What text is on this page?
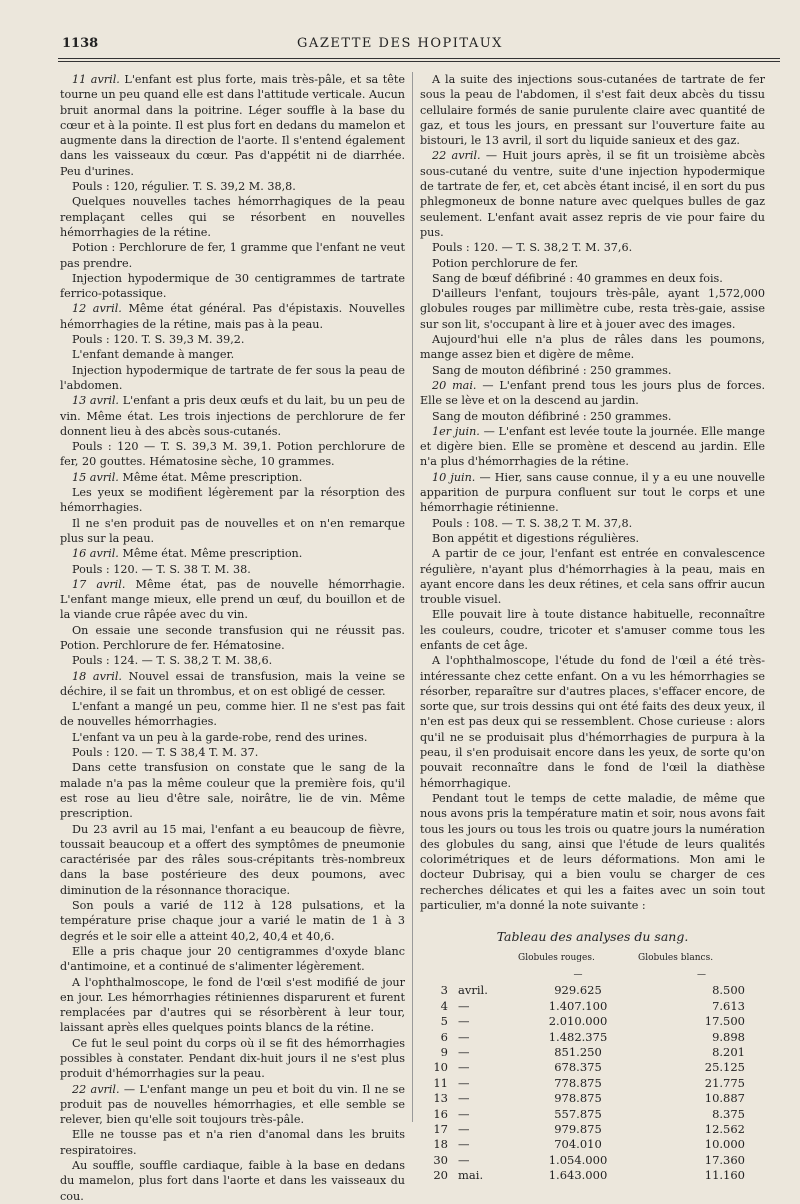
1138	GAZETTE DES HOPITAUX

11 avril. L'enfant est plus forte, mais très-pâle, et sa tête tourne un peu quand elle est dans l'attitude verticale. Aucun bruit anormal dans la poitrine. Léger souffle à la base du cœur et à la pointe. Il est plus fort en dedans du mamelon et augmente dans la direction de l'aorte. Il s'entend également dans les vaisseaux du cœur. Pas d'appétit ni de diarrhée. Peu d'urines.

Pouls : 120, régulier. T. S. 39,2 M. 38,8.

Quelques nouvelles taches hémorrhagiques de la peau remplaçant celles qui se résorbent en nouvelles hémorrhagies de la rétine.

Potion : Perchlorure de fer, 1 gramme que l'enfant ne veut pas prendre.

Injection hypodermique de 30 centigrammes de tartrate ferrico-potassique.

12 avril. Même état général. Pas d'épistaxis. Nouvelles hémorrhagies de la rétine, mais pas à la peau.

Pouls : 120. T. S. 39,3 M. 39,2.

L'enfant demande à manger.

Injection hypodermique de tartrate de fer sous la peau de l'abdomen.

13 avril. L'enfant a pris deux œufs et du lait, bu un peu de vin. Même état. Les trois injections de perchlorure de fer donnent lieu à des abcès sous-cutanés.

Pouls : 120 — T. S. 39,3 M. 39,1. Potion perchlorure de fer, 20 gouttes. Hématosine sèche, 10 grammes.

15 avril. Même état. Même prescription.

Les yeux se modifient légèrement par la résorption des hémorrhagies.

Il ne s'en produit pas de nouvelles et on n'en remarque plus sur la peau.

16 avril. Même état. Même prescription.

Pouls : 120. — T. S. 38 T. M. 38.

17 avril. Même état, pas de nouvelle hémorrhagie. L'enfant mange mieux, elle prend un œuf, du bouillon et de la viande crue râpée avec du vin.

On essaie une seconde transfusion qui ne réussit pas. Potion. Perchlorure de fer. Hématosine.

Pouls : 124. — T. S. 38,2 T. M. 38,6.

18 avril. Nouvel essai de transfusion, mais la veine se déchire, il se fait un thrombus, et on est obligé de cesser.

L'enfant a mangé un peu, comme hier. Il ne s'est pas fait de nouvelles hémorrhagies.

L'enfant va un peu à la garde-robe, rend des urines.

Pouls : 120. — T. S 38,4 T. M. 37.

Dans cette transfusion on constate que le sang de la malade n'a pas la même couleur que la première fois, qu'il est rose au lieu d'être sale, noirâtre, lie de vin. Même prescription.

Du 23 avril au 15 mai, l'enfant a eu beaucoup de fièvre, toussait beaucoup et a offert des symptômes de pneumonie caractérisée par des râles sous-crépitants très-nombreux dans la base postérieure des deux poumons, avec diminution de la résonnance thoracique.

Son pouls a varié de 112 à 128 pulsations, et la température prise chaque jour a varié le matin de 1 à 3 degrés et le soir elle a atteint 40,2, 40,4 et 40,6.

Elle a pris chaque jour 20 centigrammes d'oxyde blanc d'antimoine, et a continué de s'alimenter légèrement.

A l'ophthalmoscope, le fond de l'œil s'est modifié de jour en jour. Les hémorrhagies rétiniennes disparurent et furent remplacées par d'autres qui se résorbèrent à leur tour, laissant après elles quelques points blancs de la rétine.

Ce fut le seul point du corps où il se fit des hémorrhagies possibles à constater. Pendant dix-huit jours il ne s'est plus produit d'hémorrhagies sur la peau.

22 avril. — L'enfant mange un peu et boit du vin. Il ne se produit pas de nouvelles hémorrhagies, et elle semble se relever, bien qu'elle soit toujours très-pâle.

Elle ne tousse pas et n'a rien d'anomal dans les bruits respiratoires.

Au souffle, souffle cardiaque, faible à la base en dedans du mamelon, plus fort dans l'aorte et dans les vaisseaux du cou.

A la suite des injections sous-cutanées de tartrate de fer sous la peau de l'abdomen, il s'est fait deux abcès du tissu cellulaire formés de sanie purulente claire avec quantité de gaz, et tous les jours, en pressant sur l'ouverture faite au bistouri, le 13 avril, il sort du liquide sanieux et des gaz.

22 avril. — Huit jours après, il se fit un troisième abcès sous-cutané du ventre, suite d'une injection hypodermique de tartrate de fer, et, cet abcès étant incisé, il en sort du pus phlegmoneux de bonne nature avec quelques bulles de gaz seulement. L'enfant avait assez repris de vie pour faire du pus.

Pouls : 120. — T. S. 38,2 T. M. 37,6.

Potion perchlorure de fer.

Sang de bœuf défibriné : 40 grammes en deux fois.

D'ailleurs l'enfant, toujours très-pâle, ayant 1,572,000 globules rouges par millimètre cube, resta très-gaie, assise sur son lit, s'occupant à lire et à jouer avec des images.

Aujourd'hui elle n'a plus de râles dans les poumons, mange assez bien et digère de même.

Sang de mouton défibriné : 250 grammes.

20 mai. — L'enfant prend tous les jours plus de forces. Elle se lève et on la descend au jardin.

Sang de mouton défibriné : 250 grammes.

1er juin. — L'enfant est levée toute la journée. Elle mange et digère bien. Elle se promène et descend au jardin. Elle n'a plus d'hémorrhagies de la rétine.

10 juin. — Hier, sans cause connue, il y a eu une nouvelle apparition de purpura confluent sur tout le corps et une hémorrhagie rétinienne.

Pouls : 108. — T. S. 38,2 T. M. 37,8.

Bon appétit et digestions régulières.

A partir de ce jour, l'enfant est entrée en convalescence régulière, n'ayant plus d'hémorrhagies à la peau, mais en ayant encore dans les deux rétines, et cela sans offrir aucun trouble visuel.

Elle pouvait lire à toute distance habituelle, reconnaître les couleurs, coudre, tricoter et s'amuser comme tous les enfants de cet âge.

A l'ophthalmoscope, l'étude du fond de l'œil a été très-intéressante chez cette enfant. On a vu les hémorrhagies se résorber, reparaître sur d'autres places, s'effacer encore, de sorte que, sur trois dessins qui ont été faits des deux yeux, il n'en est pas deux qui se ressemblent. Chose curieuse : alors qu'il ne se produisait plus d'hémorrhagies de purpura à la peau, il s'en produisait encore dans les yeux, de sorte qu'on pouvait reconnaître dans le fond de l'œil la diathèse hémorrhagique.

Pendant tout le temps de cette maladie, de même que nous avons pris la température matin et soir, nous avons fait tous les jours ou tous les trois ou quatre jours la numération des globules du sang, ainsi que l'étude de leurs qualités colorimétriques et de leurs déformations. Mon ami le docteur Dubrisay, qui a bien voulu se charger de ces recherches délicates et qui les a faites avec un soin tout particulier, m'a donné la note suivante :

Tableau des analyses du sang.
		Globules rouges.	Globules blancs.
		—	—
3	avril.	929.625	8.500
4	—	1.407.100	7.613
5	—	2.010.000	17.500
6	—	1.482.375	9.898
9	—	851.250	8.201
10	—	678.375	25.125
11	—	778.875	21.775
13	—	978.875	10.887
16	—	557.875	8.375
17	—	979.875	12.562
18	—	704.010	10.000
30	—	1.054.000	17.360
20	mai.	1.643.000	11.160
